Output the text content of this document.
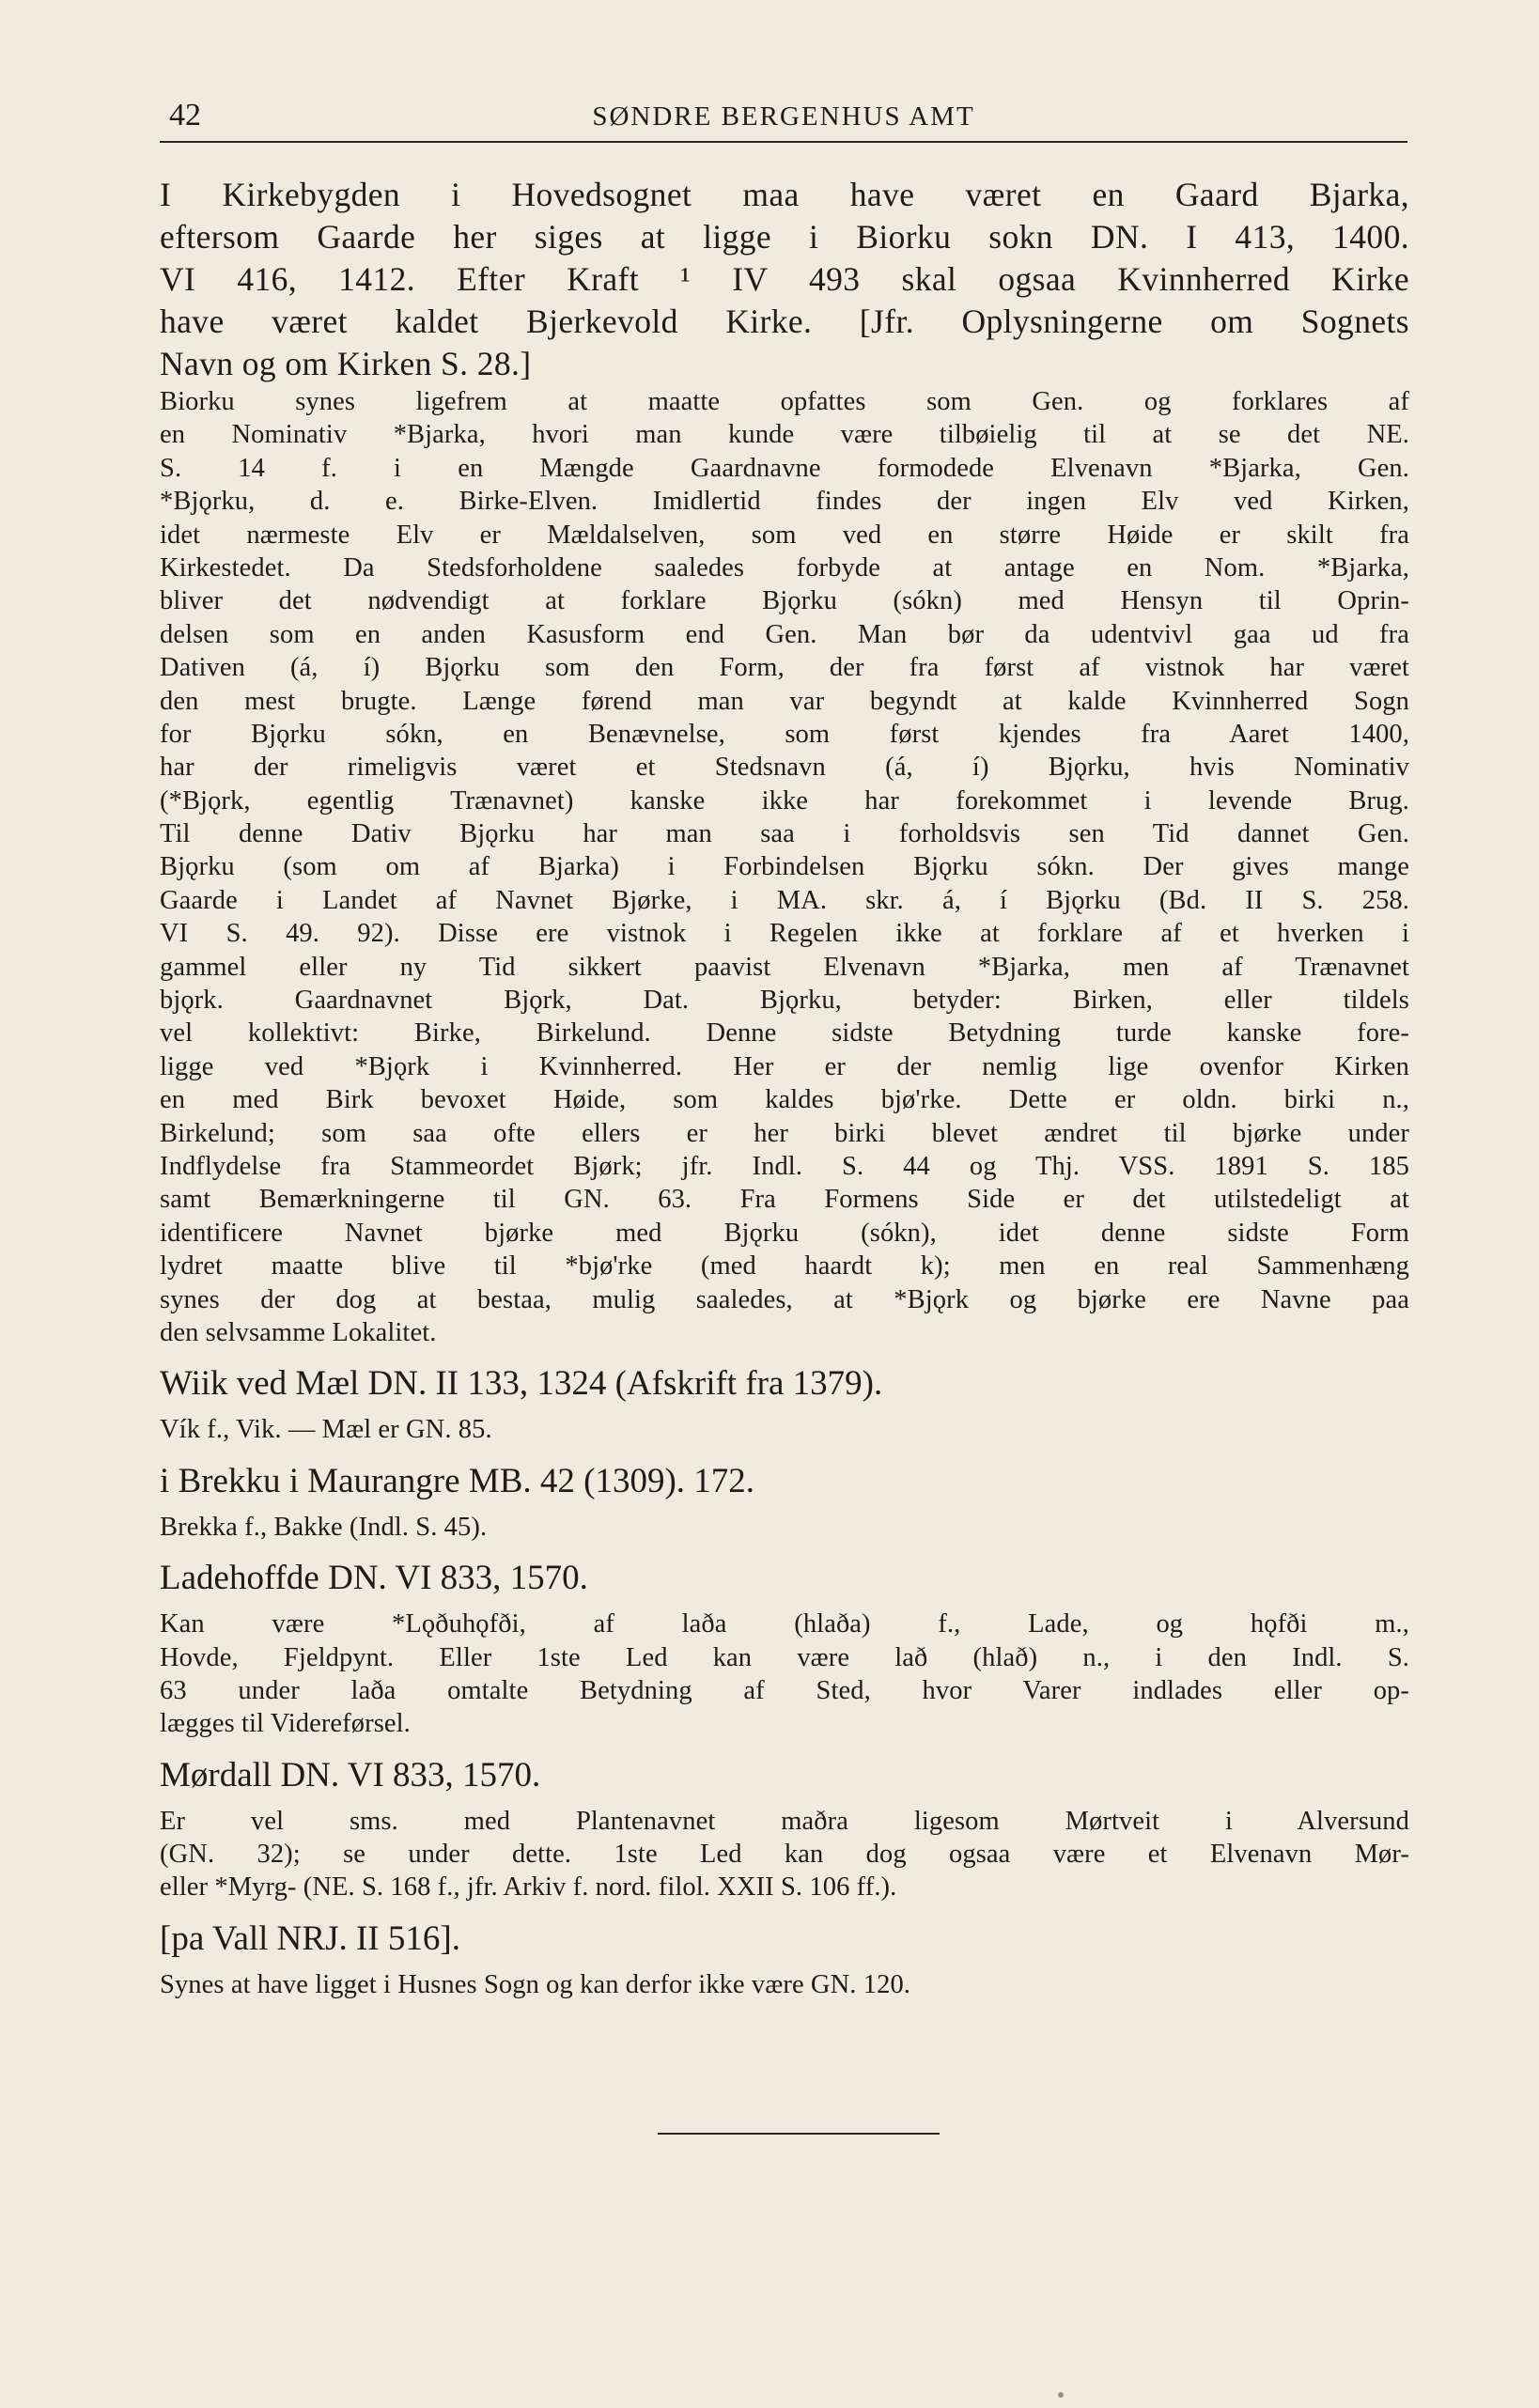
42	SØNDRE BERGENHUS AMT
I Kirkebygden i Hovedsognet maa have været en Gaard Bjarka,
eftersom Gaarde her siges at ligge i Biorku sokn DN. I 413, 1400.
VI 416, 1412. Efter Kraft ¹ IV 493 skal ogsaa Kvinnherred Kirke
have været kaldet Bjerkevold Kirke. [Jfr. Oplysningerne om Sognets
Navn og om Kirken S. 28.]
Biorku synes ligefrem at maatte opfattes som Gen. og forklares af
en Nominativ *Bjarka, hvori man kunde være tilbøielig til at se det NE.
S. 14 f. i en Mængde Gaardnavne formodede Elvenavn *Bjarka, Gen.
*Bjǫrku, d. e. Birke-Elven. Imidlertid findes der ingen Elv ved Kirken,
idet nærmeste Elv er Mældalselven, som ved en større Høide er skilt fra
Kirkestedet. Da Stedsforholdene saaledes forbyde at antage en Nom. *Bjarka,
bliver det nødvendigt at forklare Bjǫrku (sókn) med Hensyn til Oprin-
delsen som en anden Kasusform end Gen. Man bør da udentvivl gaa ud fra
Dativen (á, í) Bjǫrku som den Form, der fra først af vistnok har været
den mest brugte. Længe førend man var begyndt at kalde Kvinnherred Sogn
for Bjǫrku sókn, en Benævnelse, som først kjendes fra Aaret 1400,
har der rimeligvis været et Stedsnavn (á, í) Bjǫrku, hvis Nominativ
(*Bjǫrk, egentlig Trænavnet) kanske ikke har forekommet i levende Brug.
Til denne Dativ Bjǫrku har man saa i forholdsvis sen Tid dannet Gen.
Bjǫrku (som om af Bjarka) i Forbindelsen Bjǫrku sókn. Der gives mange
Gaarde i Landet af Navnet Bjørke, i MA. skr. á, í Bjǫrku (Bd. II S. 258.
VI S. 49. 92). Disse ere vistnok i Regelen ikke at forklare af et hverken i
gammel eller ny Tid sikkert paavist Elvenavn *Bjarka, men af Trænavnet
bjǫrk. Gaardnavnet Bjǫrk, Dat. Bjǫrku, betyder: Birken, eller tildels
vel kollektivt: Birke, Birkelund. Denne sidste Betydning turde kanske fore-
ligge ved *Bjǫrk i Kvinnherred. Her er der nemlig lige ovenfor Kirken
en med Birk bevoxet Høide, som kaldes bjø'rke. Dette er oldn. birki n.,
Birkelund; som saa ofte ellers er her birki blevet ændret til bjørke under
Indflydelse fra Stammeordet Bjørk; jfr. Indl. S. 44 og Thj. VSS. 1891 S. 185
samt Bemærkningerne til GN. 63. Fra Formens Side er det utilstedeligt at
identificere Navnet bjørke med Bjǫrku (sókn), idet denne sidste Form
lydret maatte blive til *bjø'rke (med haardt k); men en real Sammenhæng
synes der dog at bestaa, mulig saaledes, at *Bjǫrk og bjørke ere Navne paa
den selvsamme Lokalitet.
Wiik ved Mæl DN. II 133, 1324 (Afskrift fra 1379).
Vík f., Vik. — Mæl er GN. 85.
i Brekku i Maurangre MB. 42 (1309). 172.
Brekka f., Bakke (Indl. S. 45).
Ladehoffde DN. VI 833, 1570.
Kan være *Lǫðuhǫfði, af laða (hlaða) f., Lade, og hǫfði m.,
Hovde, Fjeldpynt. Eller 1ste Led kan være lað (hlað) n., i den Indl. S.
63 under laða omtalte Betydning af Sted, hvor Varer indlades eller op-
lægges til Videreførsel.
Mørdall DN. VI 833, 1570.
Er vel sms. med Plantenavnet maðra ligesom Mørtveit i Alversund
(GN. 32); se under dette. 1ste Led kan dog ogsaa være et Elvenavn Mør-
eller *Myrg- (NE. S. 168 f., jfr. Arkiv f. nord. filol. XXII S. 106 ff.).
[pa Vall NRJ. II 516].
Synes at have ligget i Husnes Sogn og kan derfor ikke være GN. 120.
